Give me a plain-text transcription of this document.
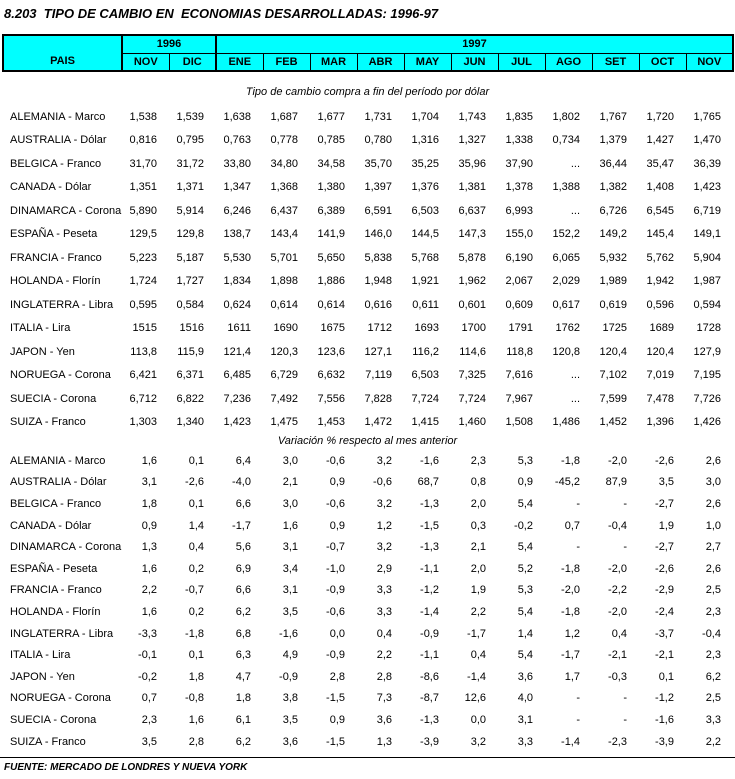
8.203  TIPO DE CAMBIO EN  ECONOMIAS DESARROLLADAS: 1996-97
PAIS	1996		1997										
	NOV	DIC	ENE	FEB	MAR	ABR	MAY	JUN	JUL	AGO	SET	OCT	NOV
Tipo de cambio compra a fin del período por dólar
ALEMANIA - Marco	1,538	1,539	1,638	1,687	1,677	1,731	1,704	1,743	1,835	1,802	1,767	1,720	1,765
AUSTRALIA - Dólar	0,816	0,795	0,763	0,778	0,785	0,780	1,316	1,327	1,338	0,734	1,379	1,427	1,470
BELGICA - Franco	31,70	31,72	33,80	34,80	34,58	35,70	35,25	35,96	37,90	...	36,44	35,47	36,39
CANADA - Dólar	1,351	1,371	1,347	1,368	1,380	1,397	1,376	1,381	1,378	1,388	1,382	1,408	1,423
DINAMARCA - Corona 5,890	5,914	6,246	6,437	6,389	6,591	6,503	6,637	6,993	...	6,726	6,545	6,719
ESPAÑA - Peseta	129,5	129,8	138,7	143,4	141,9	146,0	144,5	147,3	155,0	152,2	149,2	145,4	149,1
FRANCIA - Franco	5,223	5,187	5,530	5,701	5,650	5,838	5,768	5,878	6,190	6,065	5,932	5,762	5,904
HOLANDA - Florín	1,724	1,727	1,834	1,898	1,886	1,948	1,921	1,962	2,067	2,029	1,989	1,942	1,987
INGLATERRA - Libra	0,595	0,584	0,624	0,614	0,614	0,616	0,611	0,601	0,609	0,617	0,619	0,596	0,594
ITALIA - Lira	1515	1516	1611	1690	1675	1712	1693	1700	1791	1762	1725	1689	1728
JAPON - Yen	113,8	115,9	121,4	120,3	123,6	127,1	116,2	114,6	118,8	120,8	120,4	120,4	127,9
NORUEGA - Corona	6,421	6,371	6,485	6,729	6,632	7,119	6,503	7,325	7,616	...	7,102	7,019	7,195
SUECIA - Corona	6,712	6,822	7,236	7,492	7,556	7,828	7,724	7,724	7,967	...	7,599	7,478	7,726
SUIZA - Franco	1,303	1,340	1,423	1,475	1,453	1,472	1,415	1,460	1,508	1,486	1,452	1,396	1,426
Variación % respecto al mes anterior
ALEMANIA - Marco	1,6	0,1	6,4	3,0	-0,6	3,2	-1,6	2,3	5,3	-1,8	-2,0	-2,6	2,6
AUSTRALIA - Dólar	3,1	-2,6	-4,0	2,1	0,9	-0,6	68,7	0,8	0,9	-45,2	87,9	3,5	3,0
BELGICA - Franco	1,8	0,1	6,6	3,0	-0,6	3,2	-1,3	2,0	5,4	-	-	-2,7	2,6
CANADA - Dólar	0,9	1,4	-1,7	1,6	0,9	1,2	-1,5	0,3	-0,2	0,7	-0,4	1,9	1,0
DINAMARCA - Corona	1,3	0,4	5,6	3,1	-0,7	3,2	-1,3	2,1	5,4	-	-	-2,7	2,7
ESPAÑA - Peseta	1,6	0,2	6,9	3,4	-1,0	2,9	-1,1	2,0	5,2	-1,8	-2,0	-2,6	2,6
FRANCIA - Franco	2,2	-0,7	6,6	3,1	-0,9	3,3	-1,2	1,9	5,3	-2,0	-2,2	-2,9	2,5
HOLANDA - Florín	1,6	0,2	6,2	3,5	-0,6	3,3	-1,4	2,2	5,4	-1,8	-2,0	-2,4	2,3
INGLATERRA - Libra	-3,3	-1,8	6,8	-1,6	0,0	0,4	-0,9	-1,7	1,4	1,2	0,4	-3,7	-0,4
ITALIA - Lira	-0,1	0,1	6,3	4,9	-0,9	2,2	-1,1	0,4	5,4	-1,7	-2,1	-2,1	2,3
JAPON - Yen	-0,2	1,8	4,7	-0,9	2,8	2,8	-8,6	-1,4	3,6	1,7	-0,3	0,1	6,2
NORUEGA - Corona	0,7	-0,8	1,8	3,8	-1,5	7,3	-8,7	12,6	4,0	-	-	-1,2	2,5
SUECIA - Corona	2,3	1,6	6,1	3,5	0,9	3,6	-1,3	0,0	3,1	-	-	-1,6	3,3
SUIZA - Franco	3,5	2,8	6,2	3,6	-1,5	1,3	-3,9	3,2	3,3	-1,4	-2,3	-3,9	2,2
FUENTE: MERCADO DE LONDRES Y NUEVA YORK
